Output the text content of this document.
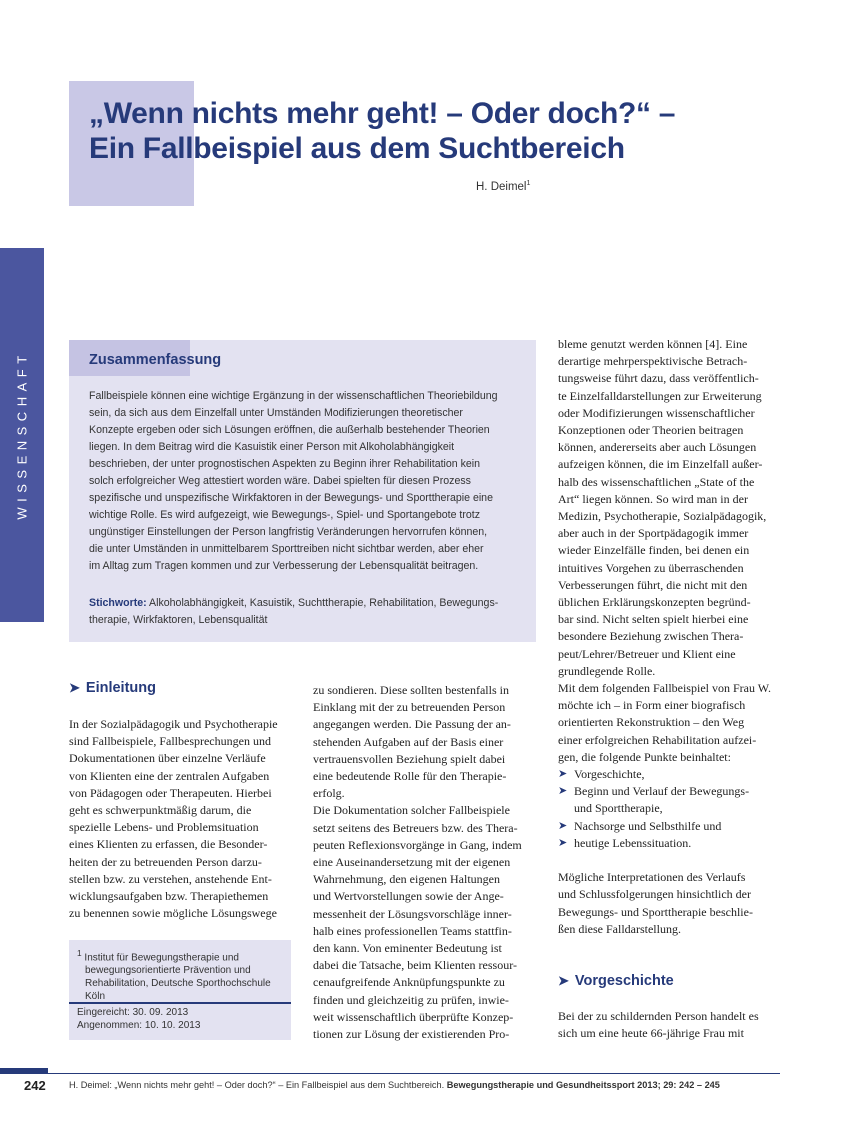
„Wenn nichts mehr geht! – Oder doch?“ –
Ein Fallbeispiel aus dem Suchtbereich
H. Deimel$^1$
WISSENSCHAFT	Zusammenfassung
Fallbeispiele können eine wichtige Ergänzung in der wissenschaftlichen Theoriebildung
sein, da sich aus dem Einzelfall unter Umständen Modifizierungen theoretischer
Konzepte ergeben oder sich Lösungen eröffnen, die außerhalb bestehender Theorien
liegen. In dem Beitrag wird die Kasuistik einer Person mit Alkoholabhängigkeit
beschrieben, der unter prognostischen Aspekten zu Beginn ihrer Rehabilitation kein
solch erfolgreicher Weg attestiert worden wäre. Dabei spielten für diesen Prozess
spezifische und unspezifische Wirkfaktoren in der Bewegungs- und Sporttherapie eine
wichtige Rolle. Es wird aufgezeigt, wie Bewegungs-, Spiel- und Sportangebote trotz
ungünstiger Einstellungen der Person langfristig Veränderungen hervorrufen können,
die unter Umständen in unmittelbarem Sporttreiben nicht sichtbar werden, aber eher
im Alltag zum Tragen kommen und zur Verbesserung der Lebensqualität beitragen.
Stichworte: Alkoholabhängigkeit, Kasuistik, Suchttherapie, Rehabilitation, Bewegungs-
therapie, Wirkfaktoren, Lebensqualität
➤ Einleitung
In der Sozialpädagogik und Psychotherapie
sind Fallbeispiele, Fallbesprechungen und
Dokumentationen über einzelne Verläufe
von Klienten eine der zentralen Aufgaben
von Pädagogen oder Therapeuten. Hierbei
geht es schwerpunktmäßig darum, die
spezielle Lebens- und Problemsituation
eines Klienten zu erfassen, die Besonder-
heiten der zu betreuenden Person darzu-
stellen bzw. zu verstehen, anstehende Ent-
wicklungsaufgaben bzw. Therapiethemen
zu benennen sowie mögliche Lösungswege
$^1$ Institut für Bewegungstherapie und
bewegungsorientierte Prävention und
Rehabilitation, Deutsche Sporthochschule
Köln
Eingereicht: 30. 09. 2013
Angenommen: 10. 10. 2013
zu sondieren. Diese sollten bestenfalls in
Einklang mit der zu betreuenden Person
angegangen werden. Die Passung der an-
stehenden Aufgaben auf der Basis einer
vertrauensvollen Beziehung spielt dabei
eine bedeutende Rolle für den Therapie-
erfolg.
Die Dokumentation solcher Fallbeispiele
setzt seitens des Betreuers bzw. des Thera-
peuten Reflexionsvorgänge in Gang, indem
eine Auseinandersetzung mit der eigenen
Wahrnehmung, den eigenen Haltungen
und Wertvorstellungen sowie der Ange-
messenheit der Lösungsvorschläge inner-
halb eines professionellen Teams stattfin-
den kann. Von eminenter Bedeutung ist
dabei die Tatsache, beim Klienten ressour-
cenaufgreifende Anknüpfungspunkte zu
finden und gleichzeitig zu prüfen, inwie-
weit wissenschaftlich überprüfte Konzep-
tionen zur Lösung der existierenden Pro-
bleme genutzt werden können [4]. Eine
derartige mehrperspektivische Betrach-
tungsweise führt dazu, dass veröffentlich-
te Einzelfalldarstellungen zur Erweiterung
oder Modifizierungen wissenschaftlicher
Konzeptionen oder Theorien beitragen
können, andererseits aber auch Lösungen
aufzeigen können, die im Einzelfall außer-
halb des wissenschaftlichen „State of the
Art“ liegen können. So wird man in der
Medizin, Psychotherapie, Sozialpädagogik,
aber auch in der Sportpädagogik immer
wieder Einzelfälle finden, bei denen ein
intuitives Vorgehen zu überraschenden
Verbesserungen führt, die nicht mit den
üblichen Erklärungskonzepten begründ-
bar sind. Nicht selten spielt hierbei eine
besondere Beziehung zwischen Thera-
peut/Lehrer/Betreuer und Klient eine
grundlegende Rolle.
Mit dem folgenden Fallbeispiel von Frau W.
möchte ich – in Form einer biografisch
orientierten Rekonstruktion – den Weg
einer erfolgreichen Rehabilitation aufzei-
gen, die folgende Punkte beinhaltet:
➤ Vorgeschichte,
➤ Beginn und Verlauf der Bewegungs-
und Sporttherapie,
➤ Nachsorge und Selbsthilfe und
➤ heutige Lebenssituation.
Mögliche Interpretationen des Verlaufs
und Schlussfolgerungen hinsichtlich der
Bewegungs- und Sporttherapie beschlie-
ßen diese Falldarstellung.
➤ Vorgeschichte
Bei der zu schildernden Person handelt es
sich um eine heute 66-jährige Frau mit
242	H. Deimel: „Wenn nichts mehr geht! – Oder doch?“ – Ein Fallbeispiel aus dem Suchtbereich. Bewegungstherapie und Gesundheitssport 2013; 29: 242 – 245
